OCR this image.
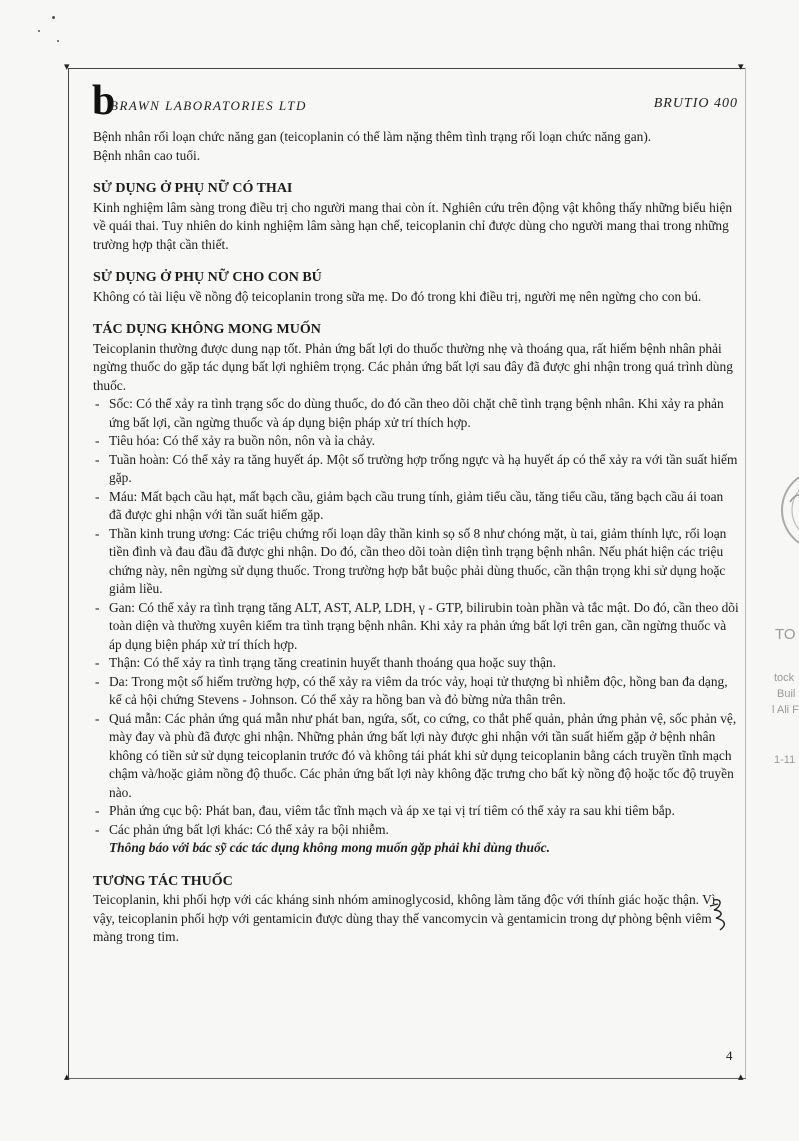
▾	▾
▴	▴
b
BRAWN LABORATORIES LTD	BRUTIO 400

Bệnh nhân rối loạn chức năng gan (teicoplanin có thể làm nặng thêm tình trạng rối loạn chức năng gan).

Bệnh nhân cao tuổi.

SỬ DỤNG Ở PHỤ NỮ CÓ THAI

Kinh nghiệm lâm sàng trong điều trị cho người mang thai còn ít. Nghiên cứu trên động vật không thấy những biểu hiện về quái thai. Tuy nhiên do kinh nghiệm lâm sàng hạn chế, teicoplanin chỉ được dùng cho người mang thai trong những trường hợp thật cần thiết.

SỬ DỤNG Ở PHỤ NỮ CHO CON BÚ

Không có tài liệu về nồng độ teicoplanin trong sữa mẹ. Do đó trong khi điều trị, người mẹ nên ngừng cho con bú.

TÁC DỤNG KHÔNG MONG MUỐN

Teicoplanin thường được dung nạp tốt. Phản ứng bất lợi do thuốc thường nhẹ và thoáng qua, rất hiếm bệnh nhân phải ngừng thuốc do gặp tác dụng bất lợi nghiêm trọng. Các phản ứng bất lợi sau đây đã được ghi nhận trong quá trình dùng thuốc.

- Sốc: Có thể xảy ra tình trạng sốc do dùng thuốc, do đó cần theo dõi chặt chẽ tình trạng bệnh nhân. Khi xảy ra phản ứng bất lợi, cần ngừng thuốc và áp dụng biện pháp xử trí thích hợp.
- Tiêu hóa: Có thể xảy ra buồn nôn, nôn và ỉa chảy.
- Tuần hoàn: Có thể xảy ra tăng huyết áp. Một số trường hợp trống ngực và hạ huyết áp có thể xảy ra với tần suất hiếm gặp.
- Máu: Mất bạch cầu hạt, mất bạch cầu, giảm bạch cầu trung tính, giảm tiểu cầu, tăng tiểu cầu, tăng bạch cầu ái toan đã được ghi nhận với tần suất hiếm gặp.
- Thần kinh trung ương: Các triệu chứng rối loạn dây thần kinh sọ số 8 như chóng mặt, ù tai, giảm thính lực, rối loạn tiền đình và đau đầu đã được ghi nhận. Do đó, cần theo dõi toàn diện tình trạng bệnh nhân. Nếu phát hiện các triệu chứng này, nên ngừng sử dụng thuốc. Trong trường hợp bắt buộc phải dùng thuốc, cần thận trọng khi sử dụng hoặc giảm liều.
- Gan: Có thể xảy ra tình trạng tăng ALT, AST, ALP, LDH, γ - GTP, bilirubin toàn phần và tắc mật. Do đó, cần theo dõi toàn diện và thường xuyên kiểm tra tình trạng bệnh nhân. Khi xảy ra phản ứng bất lợi trên gan, cần ngừng thuốc và áp dụng biện pháp xử trí thích hợp.
- Thận: Có thể xảy ra tình trạng tăng creatinin huyết thanh thoáng qua hoặc suy thận.
- Da: Trong một số hiếm trường hợp, có thể xảy ra viêm da tróc vảy, hoại tử thượng bì nhiễm độc, hồng ban đa dạng, kể cả hội chứng Stevens - Johnson. Có thể xảy ra hồng ban và đỏ bừng nửa thân trên.
- Quá mẫn: Các phản ứng quá mẫn như phát ban, ngứa, sốt, co cứng, co thắt phế quản, phản ứng phản vệ, sốc phản vệ, mày đay và phù đã được ghi nhận. Những phản ứng bất lợi này được ghi nhận với tần suất hiếm gặp ở bệnh nhân không có tiền sử sử dụng teicoplanin trước đó và không tái phát khi sử dụng teicoplanin bằng cách truyền tĩnh mạch chậm và/hoặc giảm nồng độ thuốc. Các phản ứng bất lợi này không đặc trưng cho bất kỳ nồng độ hoặc tốc độ truyền nào.
- Phản ứng cục bộ: Phát ban, đau, viêm tắc tĩnh mạch và áp xe tại vị trí tiêm có thể xảy ra sau khi tiêm bắp.
- Các phản ứng bất lợi khác: Có thể xảy ra bội nhiễm.

Thông báo với bác sỹ các tác dụng không mong muốn gặp phải khi dùng thuốc.

TƯƠNG TÁC THUỐC

Teicoplanin, khi phối hợp với các kháng sinh nhóm aminoglycosid, không làm tăng độc với thính giác hoặc thận. Vì vậy, teicoplanin phối hợp với gentamicin được dùng thay thế vancomycin và gentamicin trong dự phòng bệnh viêm màng trong tim.

TO
tock
Buil
l Ali F
1-11
4
